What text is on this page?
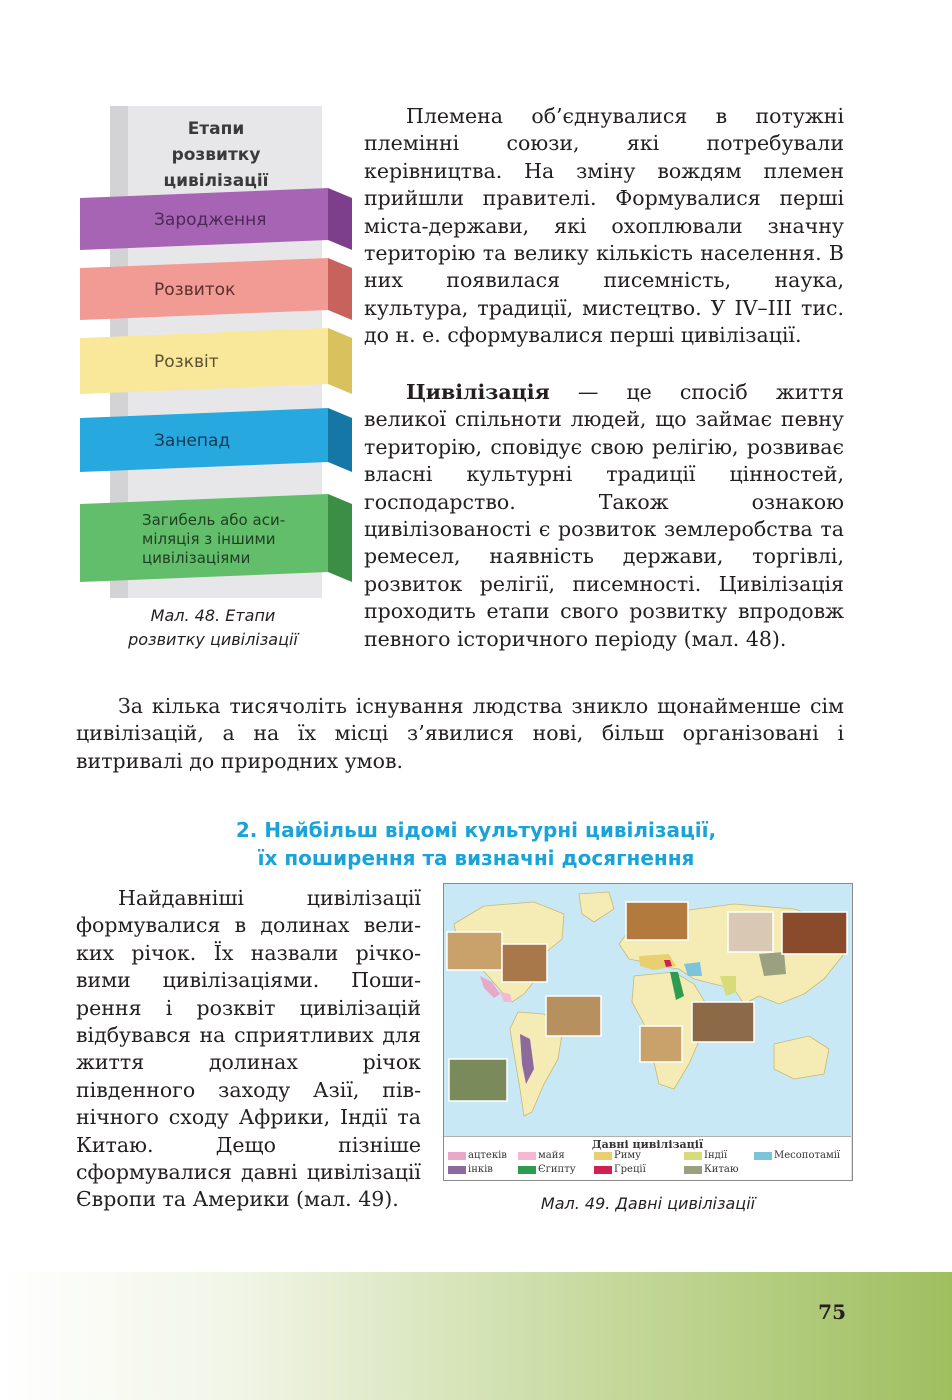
Племена об’єднувалися в потужні племінні союзи, які потребували керівництва. На зміну вождям племен прийшли правителі. Формувалися перші міста-держави, які охоплювали значну територію та велику кількість населення. В них появилася писемність, наука, культура, традиції, мистецтво. У IV–III тис. до н. е. сформувалися перші цивілізації.

Цивілізація — це спосіб життя великої спільноти людей, що займає певну територію, сповідує свою релігію, розвиває власні культурні традиції цінностей, господарство. Також ознакою цивілізованості є розвиток землеробства та ремесел, наявність держави, торгівлі, розвиток релігії, писемності. Цивілізація проходить етапи свого розвитку впродовж певного історичного періоду (мал. 48).

Етапи
розвитку
цивілізації
Зародження
Розвиток
Розквіт
Занепад
Загибель або аси-
міляція з іншими
цивілізаціями

Мал. 48. Етапи
розвитку цивілізації

За кілька тисячоліть існування людства зникло щонайменше сім цивілізацій, а на їх місці з’явилися нові, більш організовані і витривалі до природних умов.

2. Найбільш відомі культурні цивілізації,
їх поширення та визначні досягнення

Найдавніші цивілізації формувалися в долинах великих річок. Їх назвали річковими цивілізаціями. Поширення і розквіт цивілізацій відбувався на сприятливих для життя долинах річок південного заходу Азії, північного сходу Африки, Індії та Китаю. Дещо пізніше сформувалися давні цивілізації Європи та Америки (мал. 49).

Давні цивілізації
ацтеків	майя	Риму	Індії	Месопотамії
інків	Єгипту	Греції	Китаю

Мал. 49. Давні цивілізації

75
